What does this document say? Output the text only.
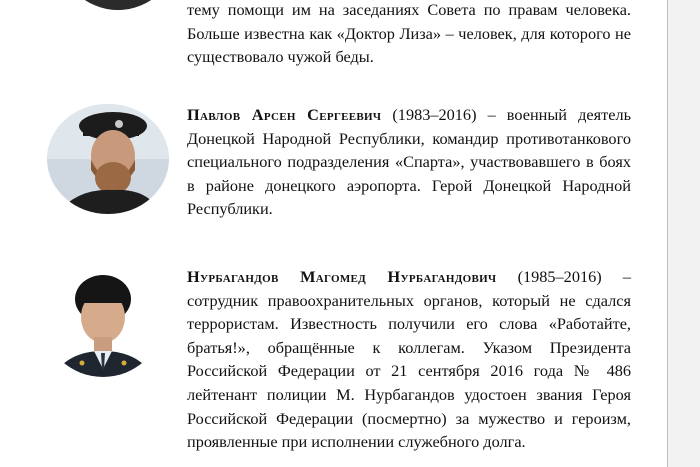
тему помощи им на заседаниях Совета по правам человека. Больше известна как «Доктор Лиза» – человек, для которого не существовало чужой беды.

Павлов Арсен Сергеевич (1983–2016) – военный деятель Донецкой Народной Республики, командир противотанкового специального подразделения «Спарта», участвовавшего в боях в районе донецкого аэропорта. Герой Донецкой Народной Республики.

Нурбагандов Магомед Нурбагандович (1985–2016) – сотрудник правоохранительных органов, который не сдался террористам. Известность получили его слова «Работайте, братья!», обращённые к коллегам. Указом Президента Российской Федерации от 21 сентября 2016 года № 486 лейтенант полиции М. Нурбагандов удостоен звания Героя Российской Федерации (посмертно) за мужество и героизм, проявленные при исполнении служебного долга.
